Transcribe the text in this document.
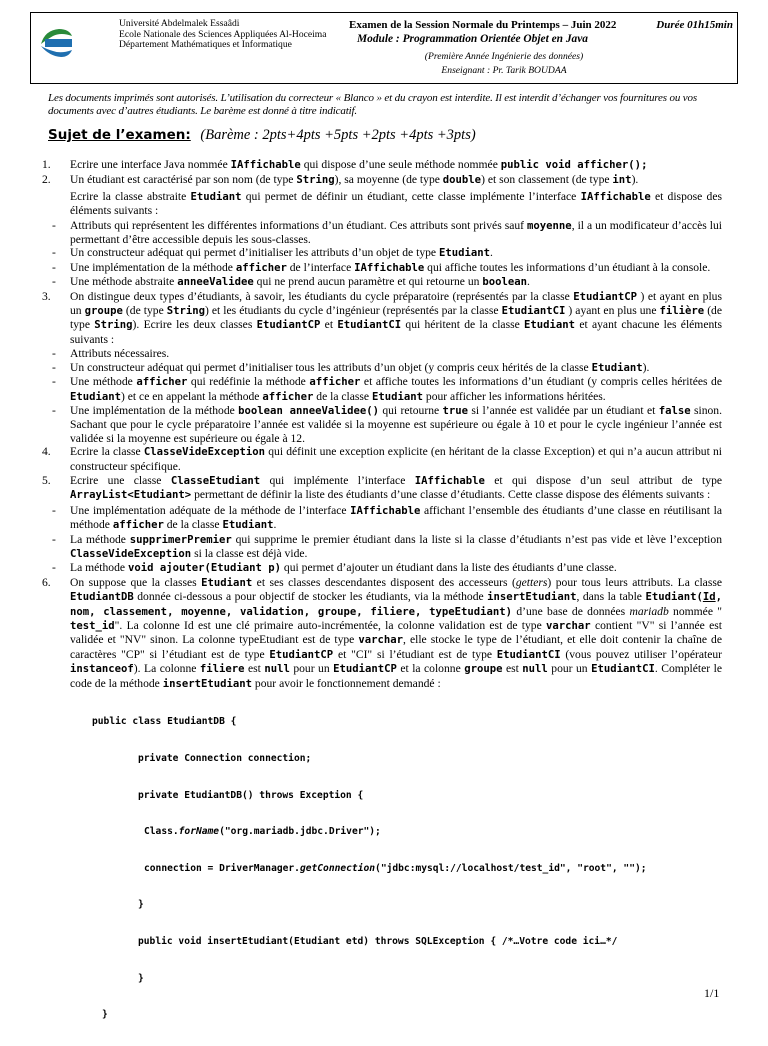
Université Abdelmalek Essaâdi
Ecole Nationale des Sciences Appliquées Al-Hoceima
Département Mathématiques et Informatique
Examen de la Session Normale du Printemps – Juin 2022	Durée 01h15min
Module : Programmation Orientée Objet en Java
(Première Année Ingénierie des données)
Enseignant : Pr. Tarik BOUDAA
Les documents imprimés sont autorisés. L’utilisation du correcteur « Blanco » et du crayon est interdite. Il est interdit d’échanger vos fournitures ou vos documents avec d’autres étudiants. Le barème est donné à titre indicatif.
Sujet de l’examen: (Barème : 2pts+4pts +5pts +2pts +4pts +3pts)
1. Ecrire une interface Java nommée IAffichable qui dispose d’une seule méthode nommée public void afficher();
2. Un étudiant est caractérisé par son nom (de type String), sa moyenne (de type double) et son classement (de type int).
Ecrire la classe abstraite Etudiant qui permet de définir un étudiant, cette classe implémente l’interface IAffichable et dispose des éléments suivants :
- Attributs qui représentent les différentes informations d’un étudiant. Ces attributs sont privés sauf moyenne, il a un modificateur d’accès lui permettant d’être accessible depuis les sous-classes.
- Un constructeur adéquat qui permet d’initialiser les attributs d’un objet de type Etudiant.
- Une implémentation de la méthode afficher de l’interface IAffichable qui affiche toutes les informations d’un étudiant à la console.
- Une méthode abstraite anneeValidee qui ne prend aucun paramètre et qui retourne un boolean.
3. On distingue deux types d’étudiants, à savoir, les étudiants du cycle préparatoire (représentés par la classe EtudiantCP ) et ayant en plus un groupe (de type String) et les étudiants du cycle d’ingénieur (représentés par la classe EtudiantCI ) ayant en plus une filière (de type String). Ecrire les deux classes EtudiantCP et EtudiantCI qui héritent de la classe Etudiant et ayant chacune les éléments suivants :
- Attributs nécessaires.
- Un constructeur adéquat qui permet d’initialiser tous les attributs d’un objet (y compris ceux hérités de la classe Etudiant).
- Une méthode afficher qui redéfinie la méthode afficher et affiche toutes les informations d’un étudiant (y compris celles héritées de Etudiant) et ce en appelant la méthode afficher de la classe Etudiant pour afficher les informations héritées.
- Une implémentation de la méthode boolean anneeValidee() qui retourne true si l’année est validée par un étudiant et false sinon. Sachant que pour le cycle préparatoire l’année est validée si la moyenne est supérieure ou égale à 10 et pour le cycle ingénieur l’année est validée si la moyenne est supérieure ou égale à 12.
4. Ecrire la classe ClasseVideException qui définit une exception explicite (en héritant de la classe Exception) et qui n’a aucun attribut ni constructeur spécifique.
5. Ecrire une classe ClasseEtudiant qui implémente l’interface IAffichable et qui dispose d’un seul attribut de type ArrayList<Etudiant> permettant de définir la liste des étudiants d’une classe d’étudiants. Cette classe dispose des éléments suivants :
- Une implémentation adéquate de la méthode de l’interface IAffichable affichant l’ensemble des étudiants d’une classe en réutilisant la méthode afficher de la classe Etudiant.
- La méthode supprimerPremier qui supprime le premier étudiant dans la liste si la classe d’étudiants n’est pas vide et lève l’exception ClasseVideException si la classe est déjà vide.
- La méthode void ajouter(Etudiant p) qui permet d’ajouter un étudiant dans la liste des étudiants d’une classe.
6. On suppose que la classes Etudiant et ses classes descendantes disposent des accesseurs (getters) pour tous leurs attributs. La classe EtudiantDB donnée ci-dessous a pour objectif de stocker les étudiants, via la méthode insertEtudiant, dans la table Etudiant(Id, nom, classement, moyenne, validation, groupe, filiere, typeEtudiant) d’une base de données mariadb nommée " test_id". La colonne Id est une clé primaire auto-incrémentée, la colonne validation est de type varchar contient "V" si l’année est validée et "NV" sinon. La colonne typeEtudiant est de type varchar, elle stocke le type de l’étudiant, et elle doit contenir la chaîne de caractères "CP" si l’étudiant est de type EtudiantCP et "CI" si l’étudiant est de type EtudiantCI (vous pouvez utiliser l’opérateur instanceof). La colonne filiere est null pour un EtudiantCP et la colonne groupe est null pour un EtudiantCI. Compléter le code de la méthode insertEtudiant pour avoir le fonctionnement demandé :

public class EtudiantDB {

private Connection connection;

private EtudiantDB() throws Exception {

Class.forName("org.mariadb.jdbc.Driver");

connection = DriverManager.getConnection("jdbc:mysql://localhost/test_id", "root", "");

}

public void insertEtudiant(Etudiant etd) throws SQLException { /*…Votre code ici…*/

}

}

1/1
